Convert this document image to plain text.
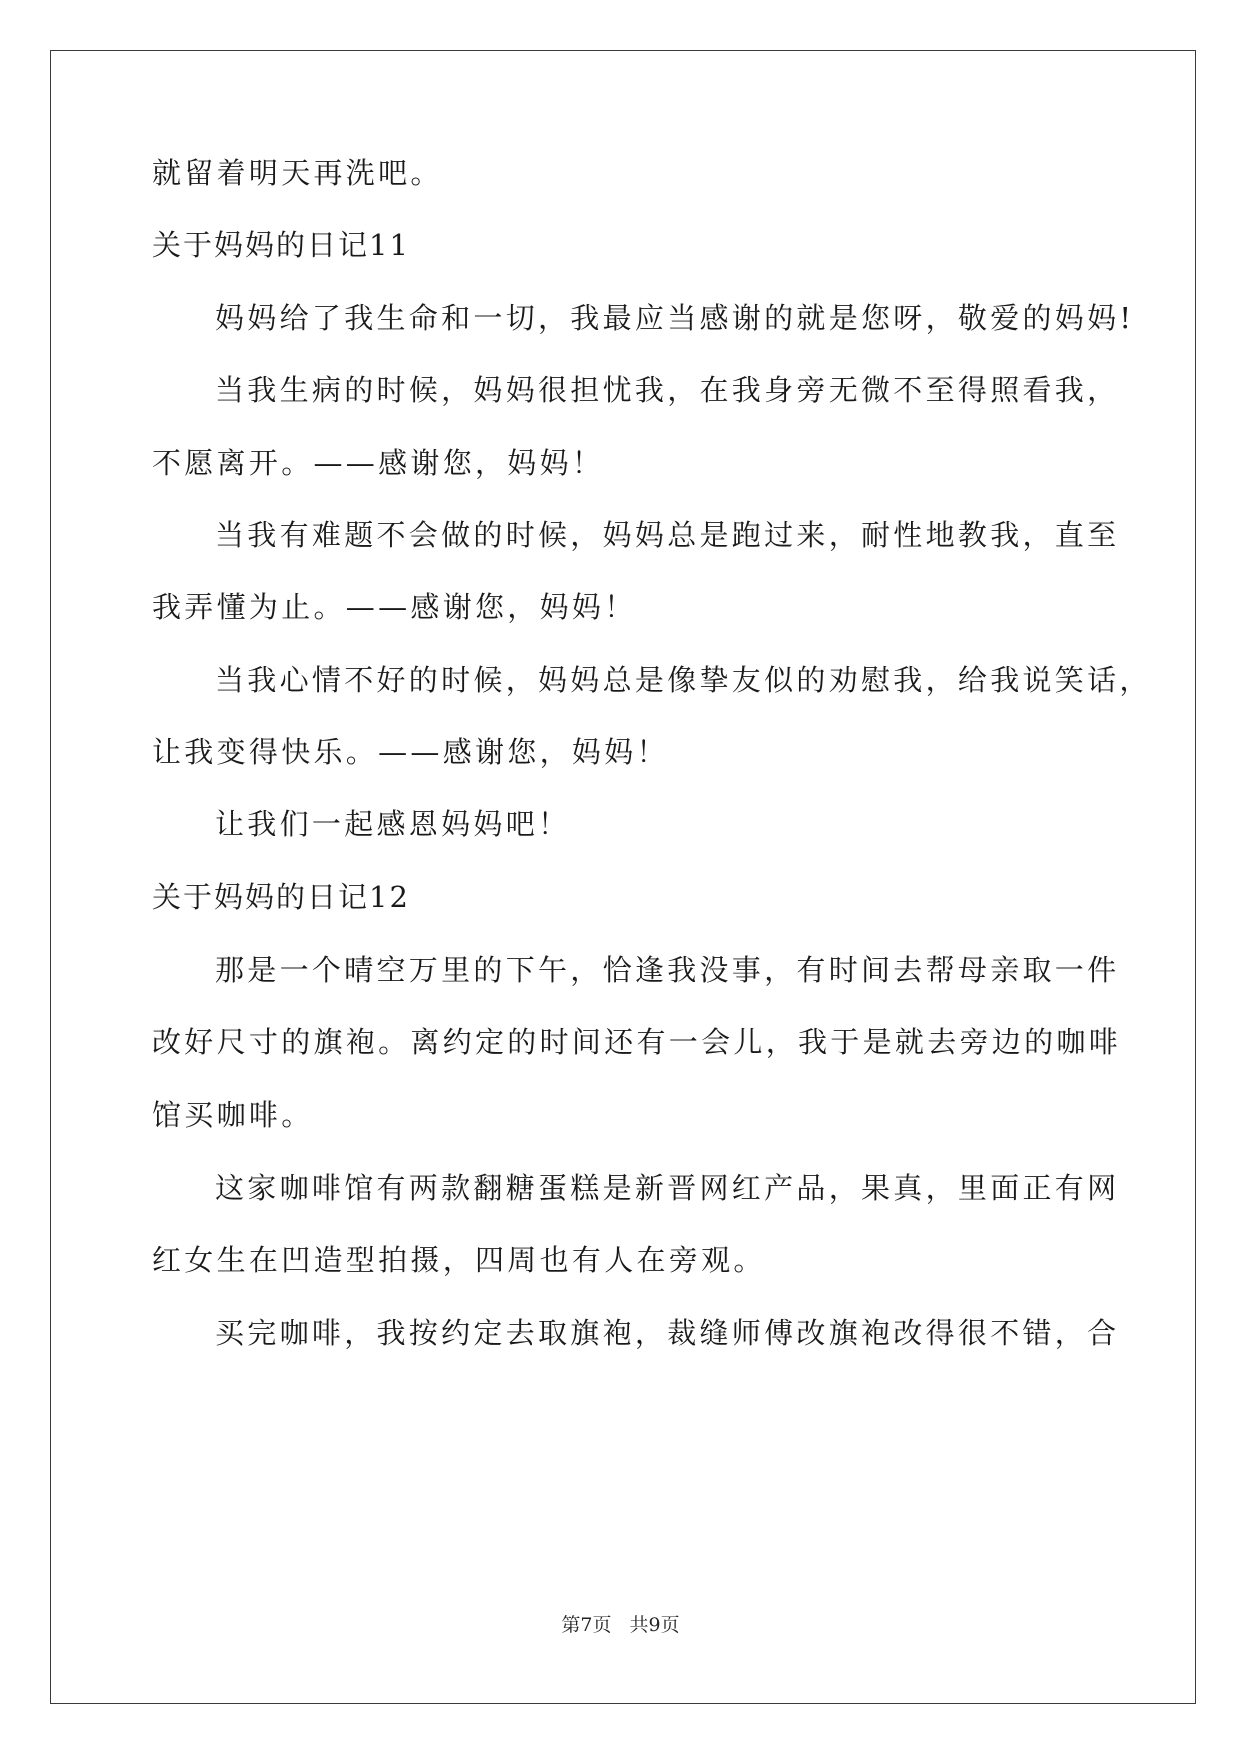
就留着明天再洗吧。
关于妈妈的日记11
妈妈给了我生命和一切，我最应当感谢的就是您呀，敬爱的妈妈!
当我生病的时候，妈妈很担忧我，在我身旁无微不至得照看我，
不愿离开。——感谢您，妈妈！
当我有难题不会做的时候，妈妈总是跑过来，耐性地教我，直至
我弄懂为止。——感谢您，妈妈！
当我心情不好的时候，妈妈总是像挚友似的劝慰我，给我说笑话，
让我变得快乐。——感谢您，妈妈！
让我们一起感恩妈妈吧！
关于妈妈的日记12
那是一个晴空万里的下午，恰逢我没事，有时间去帮母亲取一件
改好尺寸的旗袍。离约定的时间还有一会儿，我于是就去旁边的咖啡
馆买咖啡。
这家咖啡馆有两款翻糖蛋糕是新晋网红产品，果真，里面正有网
红女生在凹造型拍摄，四周也有人在旁观。
买完咖啡，我按约定去取旗袍，裁缝师傅改旗袍改得很不错，合
第7页 共9页
